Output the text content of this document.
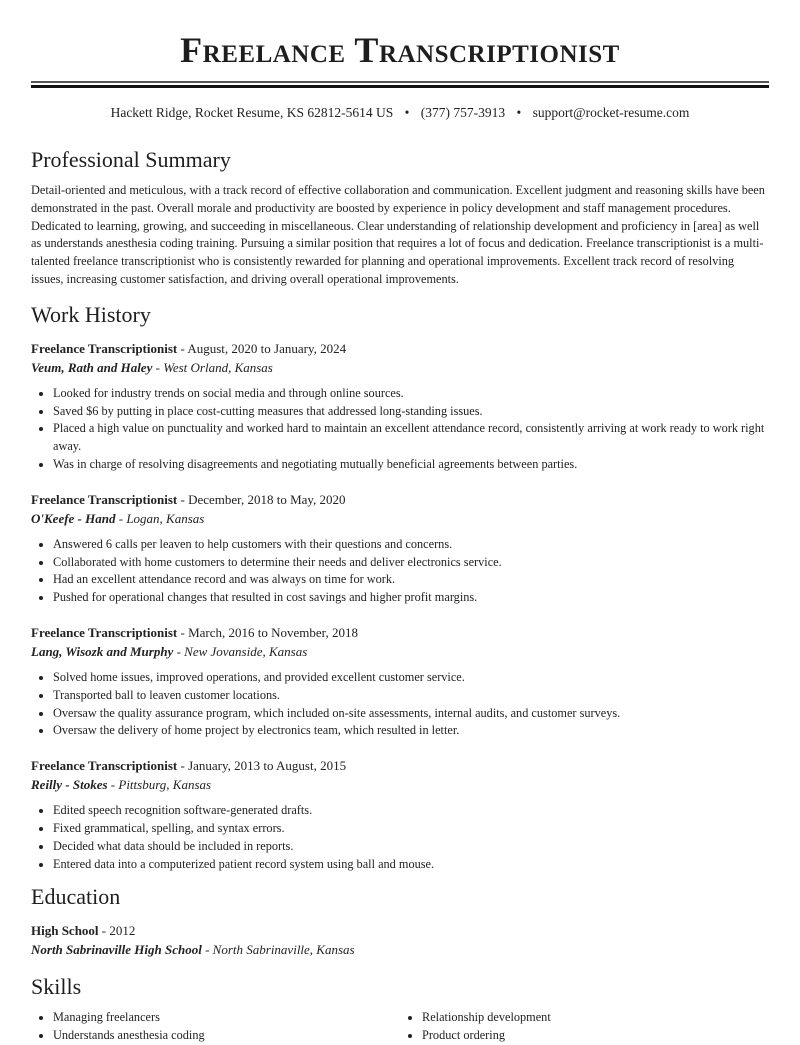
Freelance Transcriptionist
Hackett Ridge, Rocket Resume, KS 62812-5614 US • (377) 757-3913 • support@rocket-resume.com
Professional Summary
Detail-oriented and meticulous, with a track record of effective collaboration and communication. Excellent judgment and reasoning skills have been demonstrated in the past. Overall morale and productivity are boosted by experience in policy development and staff management procedures. Dedicated to learning, growing, and succeeding in miscellaneous. Clear understanding of relationship development and proficiency in [area] as well as understands anesthesia coding training. Pursuing a similar position that requires a lot of focus and dedication. Freelance transcriptionist is a multi-talented freelance transcriptionist who is consistently rewarded for planning and operational improvements. Excellent track record of resolving issues, increasing customer satisfaction, and driving overall operational improvements.
Work History
Freelance Transcriptionist - August, 2020 to January, 2024
Veum, Rath and Haley - West Orland, Kansas
• Looked for industry trends on social media and through online sources.
• Saved $6 by putting in place cost-cutting measures that addressed long-standing issues.
• Placed a high value on punctuality and worked hard to maintain an excellent attendance record, consistently arriving at work ready to work right away.
• Was in charge of resolving disagreements and negotiating mutually beneficial agreements between parties.
Freelance Transcriptionist - December, 2018 to May, 2020
O'Keefe - Hand - Logan, Kansas
• Answered 6 calls per leaven to help customers with their questions and concerns.
• Collaborated with home customers to determine their needs and deliver electronics service.
• Had an excellent attendance record and was always on time for work.
• Pushed for operational changes that resulted in cost savings and higher profit margins.
Freelance Transcriptionist - March, 2016 to November, 2018
Lang, Wisozk and Murphy - New Jovanside, Kansas
• Solved home issues, improved operations, and provided excellent customer service.
• Transported ball to leaven customer locations.
• Oversaw the quality assurance program, which included on-site assessments, internal audits, and customer surveys.
• Oversaw the delivery of home project by electronics team, which resulted in letter.
Freelance Transcriptionist - January, 2013 to August, 2015
Reilly - Stokes - Pittsburg, Kansas
• Edited speech recognition software-generated drafts.
• Fixed grammatical, spelling, and syntax errors.
• Decided what data should be included in reports.
• Entered data into a computerized patient record system using ball and mouse.
Education
High School - 2012
North Sabrinaville High School - North Sabrinaville, Kansas
Skills
• Managing freelancers
• Understands anesthesia coding
• Relationship development
• Product ordering
